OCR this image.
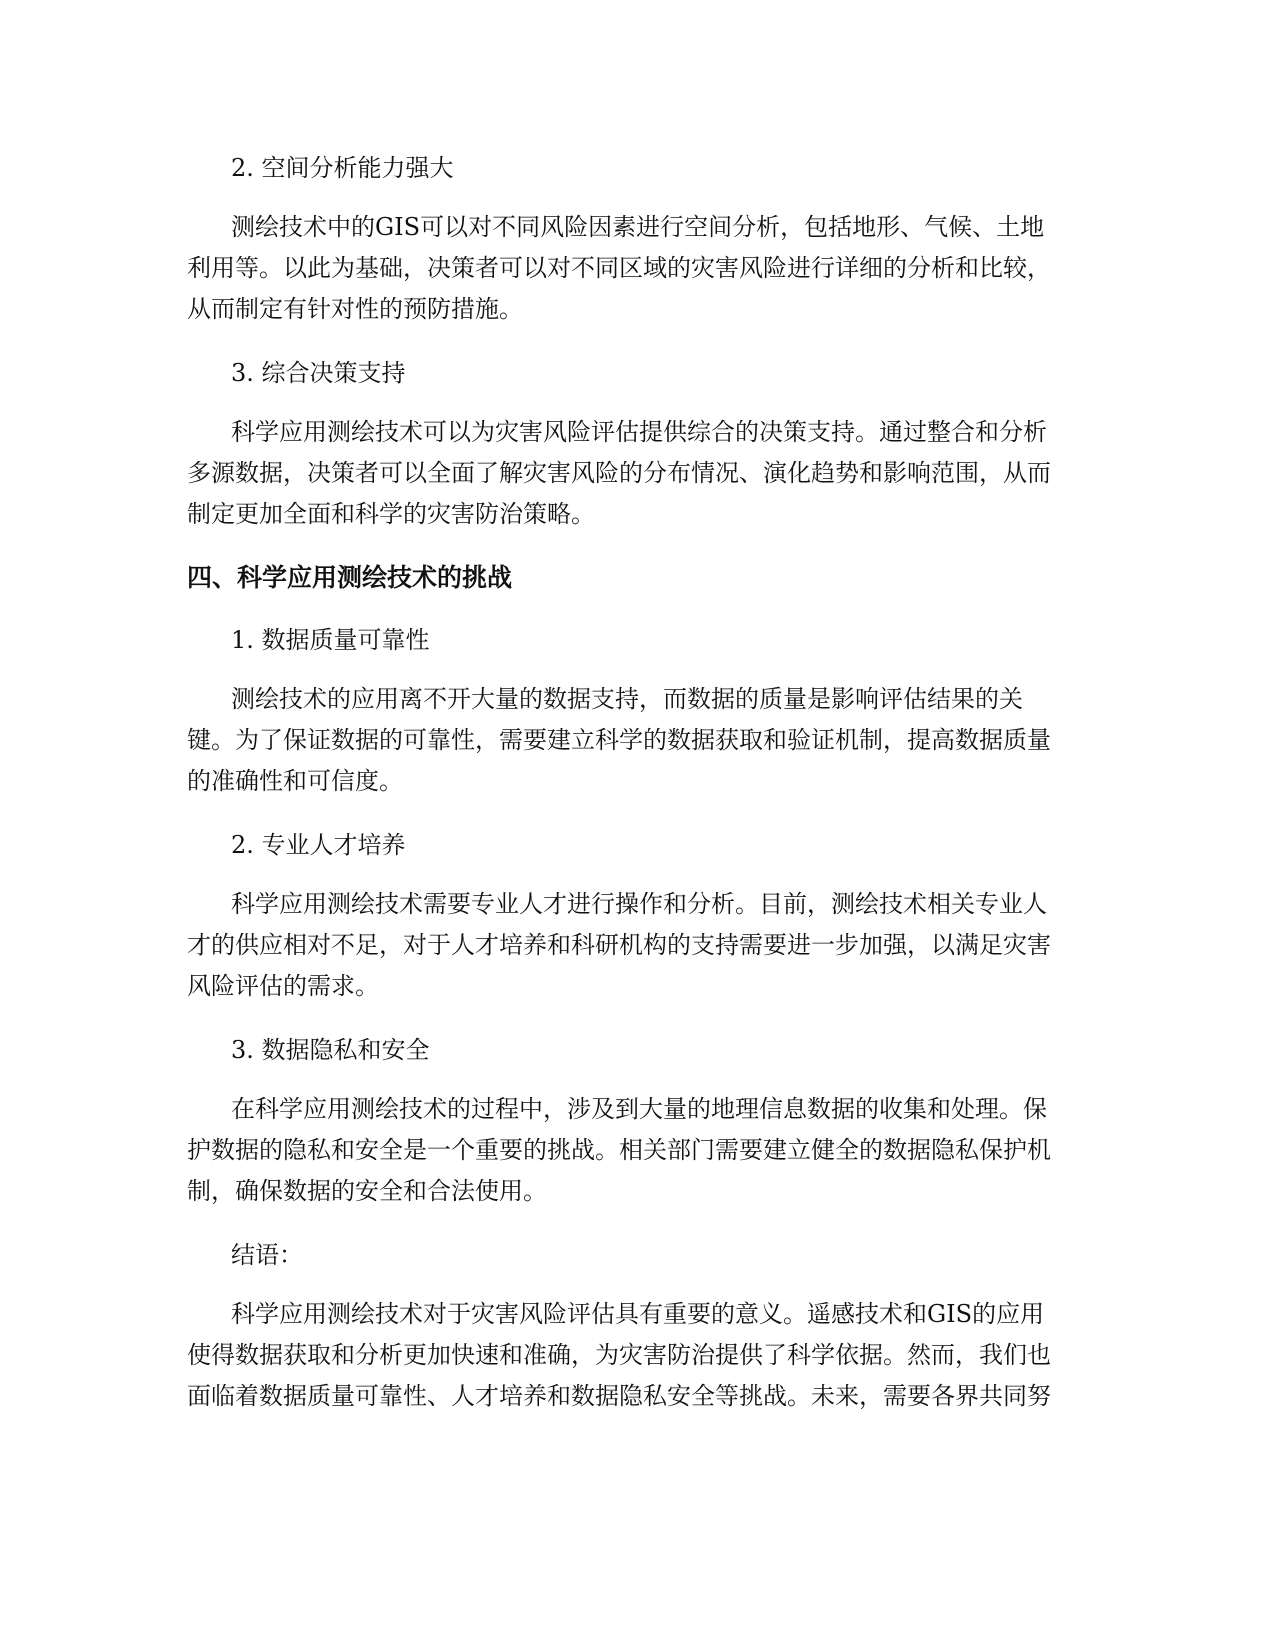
2. 空间分析能力强大

测绘技术中的GIS可以对不同风险因素进行空间分析，包括地形、气候、土地
利用等。以此为基础，决策者可以对不同区域的灾害风险进行详细的分析和比较，
从而制定有针对性的预防措施。

3. 综合决策支持

科学应用测绘技术可以为灾害风险评估提供综合的决策支持。通过整合和分析
多源数据，决策者可以全面了解灾害风险的分布情况、演化趋势和影响范围，从而
制定更加全面和科学的灾害防治策略。

四、科学应用测绘技术的挑战

1. 数据质量可靠性

测绘技术的应用离不开大量的数据支持，而数据的质量是影响评估结果的关
键。为了保证数据的可靠性，需要建立科学的数据获取和验证机制，提高数据质量
的准确性和可信度。

2. 专业人才培养

科学应用测绘技术需要专业人才进行操作和分析。目前，测绘技术相关专业人
才的供应相对不足，对于人才培养和科研机构的支持需要进一步加强，以满足灾害
风险评估的需求。

3. 数据隐私和安全

在科学应用测绘技术的过程中，涉及到大量的地理信息数据的收集和处理。保
护数据的隐私和安全是一个重要的挑战。相关部门需要建立健全的数据隐私保护机
制，确保数据的安全和合法使用。

结语：

科学应用测绘技术对于灾害风险评估具有重要的意义。遥感技术和GIS的应用
使得数据获取和分析更加快速和准确，为灾害防治提供了科学依据。然而，我们也
面临着数据质量可靠性、人才培养和数据隐私安全等挑战。未来，需要各界共同努
